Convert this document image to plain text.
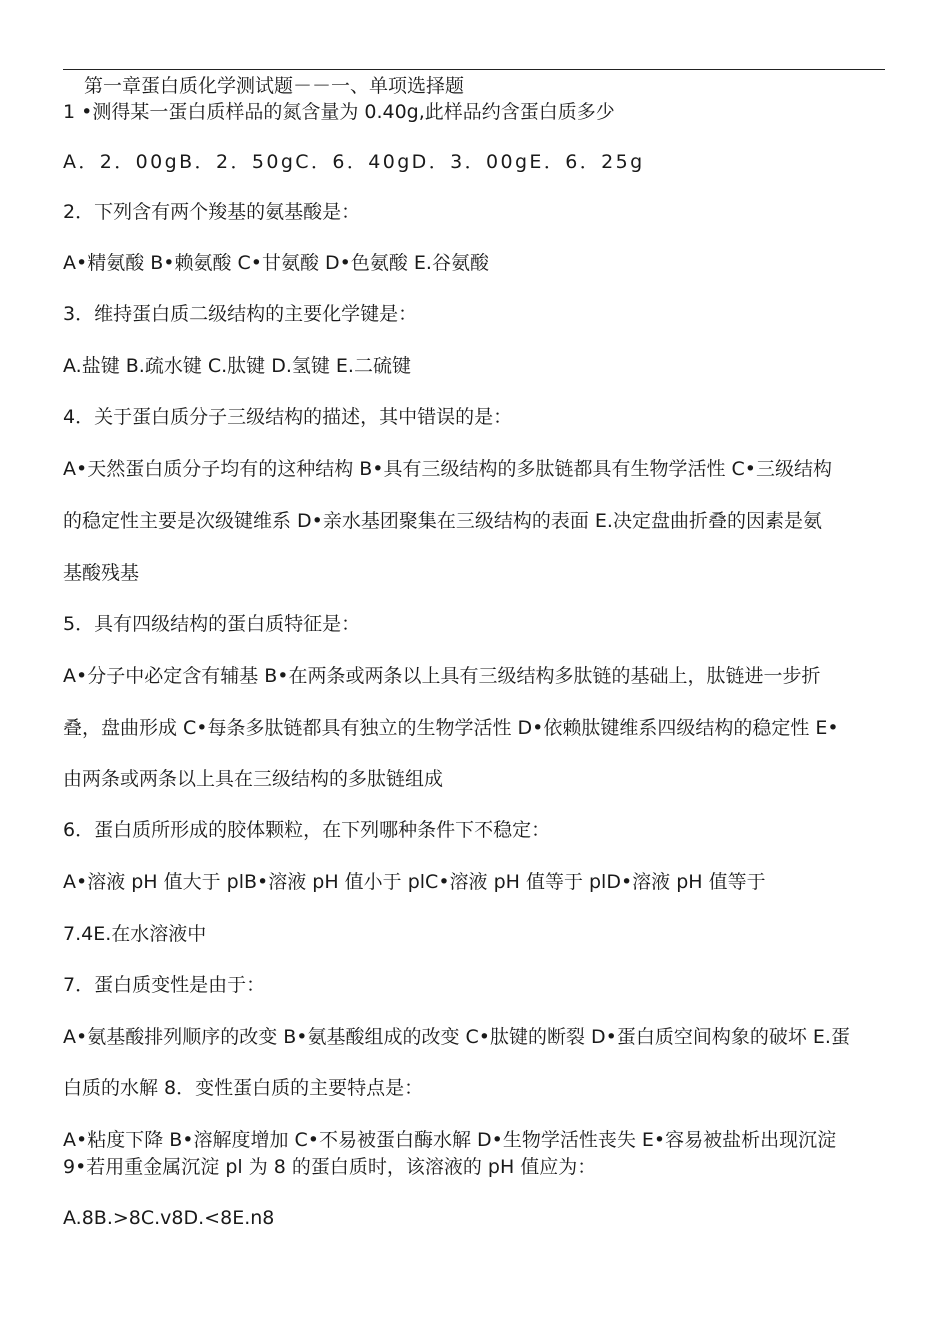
第一章蛋白质化学测试题－－一、单项选择题
1 •测得某一蛋白质样品的氮含量为 0.40g,此样品约含蛋白质多少
A．2．00gB．2．50gC．6．40gD．3．00gE．6．25g
2．下列含有两个羧基的氨基酸是：
A•精氨酸 B•赖氨酸 C•甘氨酸 D•色氨酸 E.谷氨酸
3．维持蛋白质二级结构的主要化学键是：
A.盐键 B.疏水键 C.肽键 D.氢键 E.二硫键
4．关于蛋白质分子三级结构的描述，其中错误的是：
A•天然蛋白质分子均有的这种结构 B•具有三级结构的多肽链都具有生物学活性 C•三级结构
的稳定性主要是次级键维系 D•亲水基团聚集在三级结构的表面 E.决定盘曲折叠的因素是氨
基酸残基
5．具有四级结构的蛋白质特征是：
A•分子中必定含有辅基 B•在两条或两条以上具有三级结构多肽链的基础上，肽链进一步折
叠，盘曲形成 C•每条多肽链都具有独立的生物学活性 D•依赖肽键维系四级结构的稳定性 E•
由两条或两条以上具在三级结构的多肽链组成
6．蛋白质所形成的胶体颗粒，在下列哪种条件下不稳定：
A•溶液 pH 值大于 plB•溶液 pH 值小于 plC•溶液 pH 值等于 plD•溶液 pH 值等于
7.4E.在水溶液中
7．蛋白质变性是由于：
A•氨基酸排列顺序的改变 B•氨基酸组成的改变 C•肽键的断裂 D•蛋白质空间构象的破坏 E.蛋
白质的水解 8．变性蛋白质的主要特点是：
A•粘度下降 B•溶解度增加 C•不易被蛋白酶水解 D•生物学活性丧失 E•容易被盐析出现沉淀
9•若用重金属沉淀 pl 为 8 的蛋白质时，该溶液的 pH 值应为：
A.8B.>8C.v8D.<8E.n8
